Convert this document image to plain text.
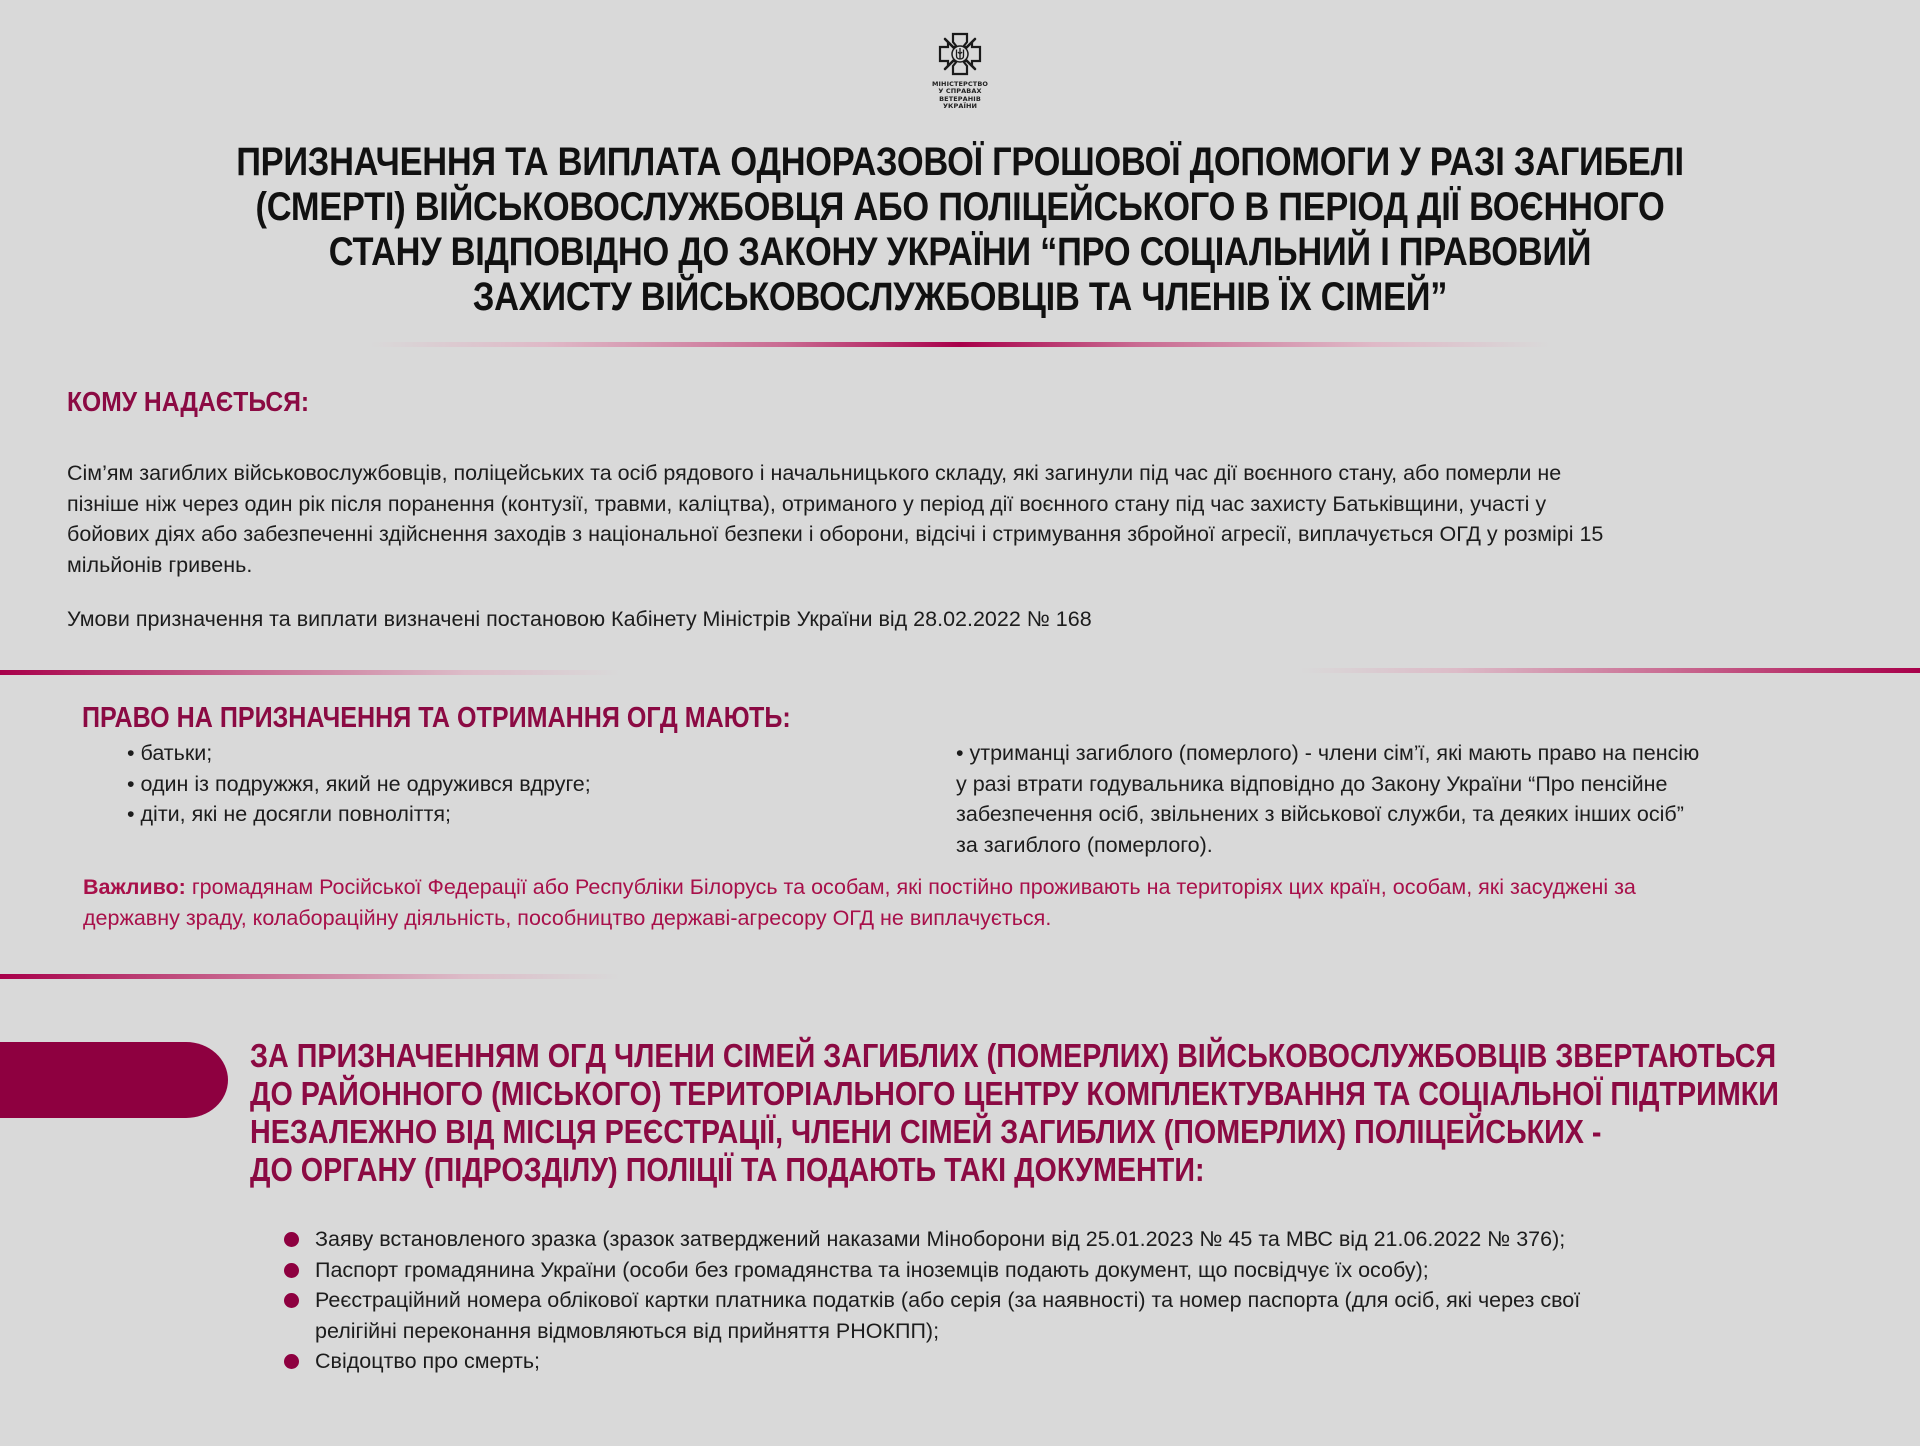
МІНІСТЕРСТВО
У СПРАВАХ
ВЕТЕРАНІВ
УКРАЇНИ
ПРИЗНАЧЕННЯ ТА ВИПЛАТА ОДНОРАЗОВОЇ ГРОШОВОЇ ДОПОМОГИ У РАЗІ ЗАГИБЕЛІ
(СМЕРТІ) ВІЙСЬКОВОСЛУЖБОВЦЯ АБО ПОЛІЦЕЙСЬКОГО В ПЕРІОД ДІЇ ВОЄННОГО
СТАНУ ВІДПОВІДНО ДО ЗАКОНУ УКРАЇНИ “ПРО СОЦІАЛЬНИЙ І ПРАВОВИЙ
ЗАХИСТУ ВІЙСЬКОВОСЛУЖБОВЦІВ ТА ЧЛЕНІВ ЇХ СІМЕЙ”
КОМУ НАДАЄТЬСЯ:
Сім’ям загиблих військовослужбовців, поліцейських та осіб рядового і начальницького складу, які загинули під час дії воєнного стану, або померли не
пізніше ніж через один рік після поранення (контузії, травми, каліцтва), отриманого у період дії воєнного стану під час захисту Батьківщини, участі у
бойових діях або забезпеченні здійснення заходів з національної безпеки і оборони, відсічі і стримування збройної агресії, виплачується ОГД у розмірі 15
мільйонів гривень.
Умови призначення та виплати визначені постановою Кабінету Міністрів України від 28.02.2022 № 168
ПРАВО НА ПРИЗНАЧЕННЯ ТА ОТРИМАННЯ ОГД МАЮТЬ:
• батьки;
• один із подружжя, який не одружився вдруге;
• діти, які не досягли повноліття;
• утриманці загиблого (померлого) - члени сім’ї, які мають право на пенсію
у разі втрати годувальника відповідно до Закону України “Про пенсійне
забезпечення осіб, звільнених з військової служби, та деяких інших осіб”
за загиблого (померлого).
Важливо: громадянам Російської Федерації або Республіки Білорусь та особам, які постійно проживають на територіях цих країн, особам, які засуджені за
державну зраду, колабораційну діяльність, пособництво державі-агресору ОГД не виплачується.
ЗА ПРИЗНАЧЕННЯМ ОГД ЧЛЕНИ СІМЕЙ ЗАГИБЛИХ (ПОМЕРЛИХ) ВІЙСЬКОВОСЛУЖБОВЦІВ ЗВЕРТАЮТЬСЯ
ДО РАЙОННОГО (МІСЬКОГО) ТЕРИТОРІАЛЬНОГО ЦЕНТРУ КОМПЛЕКТУВАННЯ ТА СОЦІАЛЬНОЇ ПІДТРИМКИ
НЕЗАЛЕЖНО ВІД МІСЦЯ РЕЄСТРАЦІЇ, ЧЛЕНИ СІМЕЙ ЗАГИБЛИХ (ПОМЕРЛИХ) ПОЛІЦЕЙСЬКИХ -
ДО ОРГАНУ (ПІДРОЗДІЛУ) ПОЛІЦІЇ ТА ПОДАЮТЬ ТАКІ ДОКУМЕНТИ:
Заяву встановленого зразка (зразок затверджений наказами Міноборони від 25.01.2023 № 45 та МВС від 21.06.2022 № 376);
Паспорт громадянина України (особи без громадянства та іноземців подають документ, що посвідчує їх особу);
Реєстраційний номера облікової картки платника податків (або серія (за наявності) та номер паспорта (для осіб, які через свої
релігійні переконання відмовляються від прийняття РНОКПП);
Свідоцтво про смерть;
